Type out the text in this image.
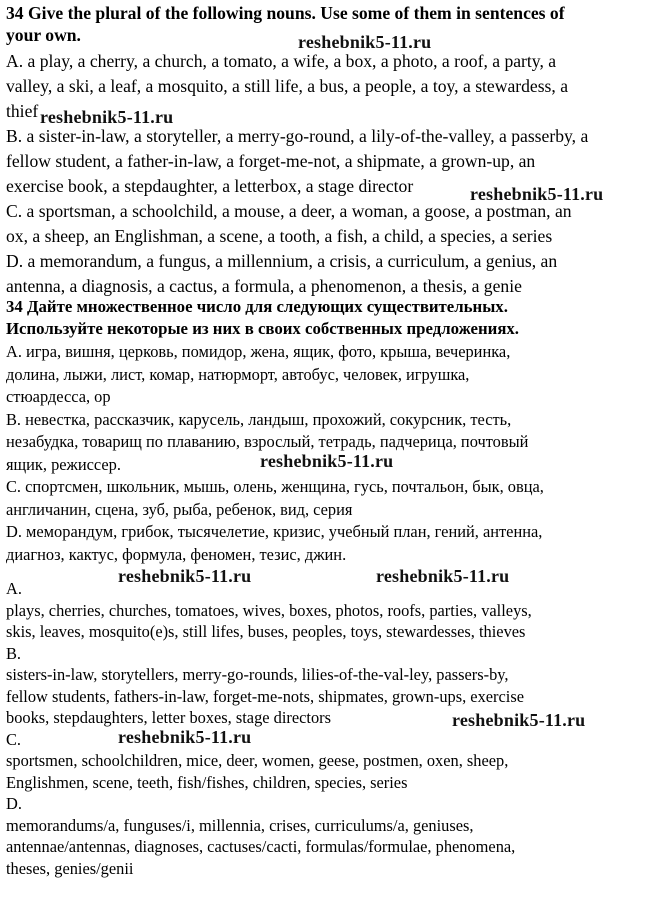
34 Give the plural of the following nouns. Use some of them in sentences of
your own.

A. a play, a cherry, a church, a tomato, a wife, a box, a photo, a roof, a party, a
valley, a ski, a leaf, a mosquito, a still life, a bus, a people, a toy, a stewardess, a
thief
B. a sister-in-law, a storyteller, a merry-go-round, a lily-of-the-valley, a passerby, a
fellow student, a father-in-law, a forget-me-not, a shipmate, a grown-up, an
exercise book, a stepdaughter, a letterbox, a stage director
C. a sportsman, a schoolchild, a mouse, a deer, a woman, a goose, a postman, an
ox, a sheep, an Englishman, a scene, a tooth, a fish, a child, a species, a series
D. a memorandum, a fungus, a millennium, a crisis, a curriculum, a genius, an
antenna, a diagnosis, a cactus, a formula, a phenomenon, a thesis, a genie

34 Дайте множественное число для следующих существительных.
Используйте некоторые из них в своих собственных предложениях.

А. игра, вишня, церковь, помидор, жена, ящик, фото, крыша, вечеринка,
долина, лыжи, лист, комар, натюрморт, автобус, человек, игрушка,
стюардесса, ор
В. невестка, рассказчик, карусель, ландыш, прохожий, сокурсник, тесть,
незабудка, товарищ по плаванию, взрослый, тетрадь, падчерица, почтовый
ящик, режиссер.
С. спортсмен, школьник, мышь, олень, женщина, гусь, почтальон, бык, овца,
англичанин, сцена, зуб, рыба, ребенок, вид, серия
D. меморандум, грибок, тысячелетие, кризис, учебный план, гений, антенна,
диагноз, кактус, формула, феномен, тезис, джин.

A.
plays, cherries, churches, tomatoes, wives, boxes, photos, roofs, parties, valleys,
skis, leaves, mosquito(e)s, still lifes, buses, peoples, toys, stewardesses, thieves
B.
sisters-in-law, storytellers, merry-go-rounds, lilies-of-the-val-ley, passers-by,
fellow students, fathers-in-law, forget-me-nots, shipmates, grown-ups, exercise
books, stepdaughters, letter boxes, stage directors
C.
sportsmen, schoolchildren, mice, deer, women, geese, postmen, oxen, sheep,
Englishmen, scene, teeth, fish/fishes, children, species, series
D.
memorandums/a, funguses/i, millennia, crises, curriculums/a, geniuses,
antennae/antennas, diagnoses, cactuses/cacti, formulas/formulae, phenomena,
theses, genies/genii

reshebnik5-11.ru
reshebnik5-11.ru
reshebnik5-11.ru
reshebnik5-11.ru
reshebnik5-11.ru	reshebnik5-11.ru
reshebnik5-11.ru
reshebnik5-11.ru
